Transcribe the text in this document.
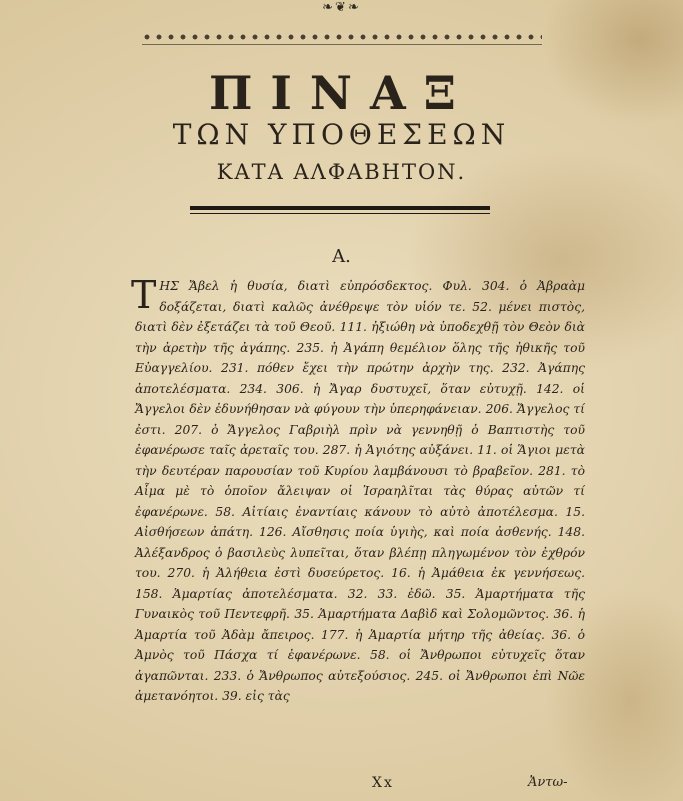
❧❦❧
ΠΙΝΑΞ
ΤΩΝ ΥΠΟΘΕΣΕΩΝ
ΚΑΤΑ ΑΛΦΑΒΗΤΟΝ.
Α.
ΤΗΣ Ἄβελ ἡ θυσία, διατὶ εὐπρόσδεκτος. Φυλ. 304. ὁ Ἀβραὰμ δοξάζεται, διατὶ καλῶς ἀνέθρεψε τὸν υἱόν τε. 52. μένει πιστὸς, διατὶ δὲν ἐξετάζει τὰ τοῦ Θεοῦ. 111. ἠξιώθη νὰ ὑποδεχθῇ τὸν Θεὸν διὰ τὴν ἀρετὴν τῆς ἀγάπης. 235. ἡ Ἀγάπη θεμέλιον ὅλης τῆς ἠθικῆς τοῦ Εὐαγγελίου. 231. πόθεν ἔχει τὴν πρώτην ἀρχὴν της. 232. Ἀγάπης ἀποτελέσματα. 234. 306. ἡ Ἄγαρ δυστυχεῖ, ὅταν εὐτυχῇ. 142. οἱ Ἄγγελοι δὲν ἐδυνήθησαν νὰ φύγουν τὴν ὑπερηφάνειαν. 206. Ἄγγελος τί ἐστι. 207. ὁ Ἄγγελος Γαβριὴλ πρὶν νὰ γεννηθῇ ὁ Βαπτιστὴς τοῦ ἐφανέρωσε ταῖς ἀρεταῖς του. 287. ἡ Ἁγιότης αὐξάνει. 11. οἱ Ἅγιοι μετὰ τὴν δευτέραν παρουσίαν τοῦ Κυρίου λαμβάνουσι τὸ βραβεῖον. 281. τὸ Αἷμα μὲ τὸ ὁποῖον ἄλειψαν οἱ Ἰσραηλῖται τὰς θύρας αὐτῶν τί ἐφανέρωνε. 58. Αἰτίαις ἐναντίαις κάνουν τὸ αὐτὸ ἀποτέλεσμα. 15. Αἰσθήσεων ἀπάτη. 126. Αἴσθησις ποία ὑγιὴς, καὶ ποία ἀσθενής. 148. Ἀλέξανδρος ὁ βασιλεὺς λυπεῖται, ὅταν βλέπῃ πληγωμένον τὸν ἐχθρόν του. 270. ἡ Ἀλήθεια ἐστὶ δυσεύρετος. 16. ἡ Ἀμάθεια ἐκ γεννήσεως. 158. Ἁμαρτίας ἀποτελέσματα. 32. 33. ἐδῶ. 35. Ἁμαρτήματα τῆς Γυναικὸς τοῦ Πεντεφρῆ. 35. Ἁμαρτήματα Δαβὶδ καὶ Σολομῶντος. 36. ἡ Ἁμαρτία τοῦ Ἀδὰμ ἄπειρος. 177. ἡ Ἁμαρτία μήτηρ τῆς ἀθείας. 36. ὁ Ἀμνὸς τοῦ Πάσχα τί ἐφανέρωνε. 58. οἱ Ἄνθρωποι εὐτυχεῖς ὅταν ἀγαπῶνται. 233. ὁ Ἄνθρωπος αὐτεξούσιος. 245. οἱ Ἄνθρωποι ἐπὶ Νῶε ἀμετανόητοι. 39. εἰς τὰς
Xx	Ἀντω-
